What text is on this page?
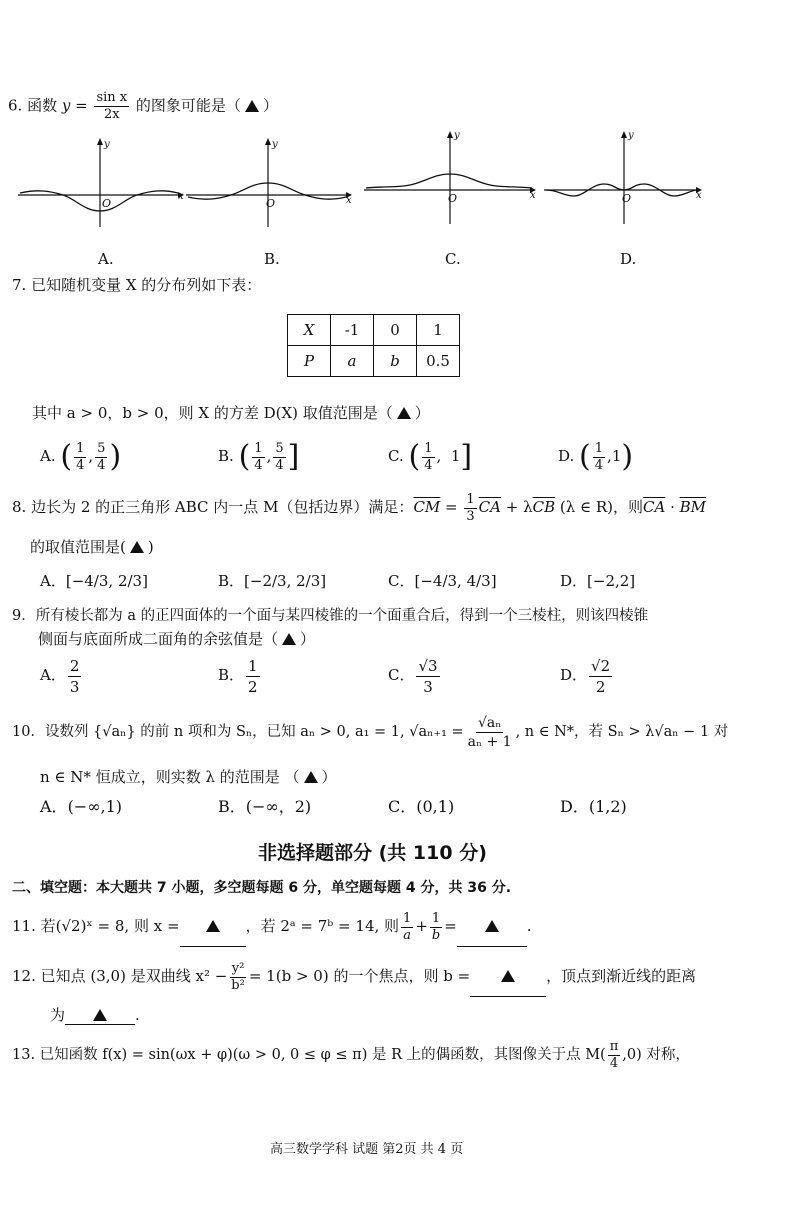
6. 函数 $y = \frac{\text{sin x}}{2x}$ 的图象可能是（ ）
x
y
O
A.
x
y
O
B.
x
y
O
C.
x
y
O
D.
7. 已知随机变量 X 的分布列如下表：
X	-1	0	1
P	a	b	0.5
其中 a > 0，b > 0，则 X 的方差 D(X) 取值范围是（ ）
A. ( $\frac{1}{4}$ , $\frac{5}{4}$ )	B. ( $\frac{1}{4}$ , $\frac{5}{4}$ ]	C. ( $\frac{1}{4}$ ,  1]	D. ( $\frac{1}{4} ,1$)
8. 边长为 2 的正三角形 ABC 内一点 M（包括边界）满足：$\overline{CM} = \frac{1}{3} \overline{CA} + \lambda\overline{CB}$ (λ ∈ R)，则$\overline{CA} \cdot \overline{BM}$
的取值范围是( )
A．[−4/3, 2/3]	B．[−2/3, 2/3]	C．[−4/3, 4/3]	D．[−2,2]
9．所有棱长都为 a 的正四面体的一个面与某四棱锥的一个面重合后，得到一个三棱柱，则该四棱锥
侧面与底面所成二面角的余弦值是（ ）
A． $\frac{2}{3}$	B． $\frac{1}{2}$	C． $\frac{√3}{3}$	D． $\frac{√2}{2}$
10．设数列 {√aₙ} 的前 n 项和为 Sₙ，已知 aₙ > 0, a₁ = 1, $√a_{n+1} = \frac{\text{√aₙ}}{\text{aₙ + 1}}$ , n ∈ N*，若 Sₙ > λ√aₙ − 1 对
n ∈ N* 恒成立，则实数 λ 的范围是 （ ）
A．(−∞,1)	B．(−∞，2)	C．(0,1)	D．(1,2)
非选择题部分 (共 110 分)
二、填空题：本大题共 7 小题，多空题每题 6 分，单空题每题 4 分，共 36 分.
11. 若(√2)ˣ = 8, 则 x =	，若 2ᵃ = 7ᵇ = 14, 则 $\frac{1}{a} + \frac{1}{b}$ =	.
12. 已知点 (3,0) 是双曲线 $x^2 - \frac{\text{y²}}{\text{b²}} = 1(b > 0)$ 的一个焦点，则 b =	，顶点到渐近线的距离
为	.
13. 已知函数 f(x) = sin(ωx + φ)(ω > 0, 0 ≤ φ ≤ π) 是 R 上的偶函数，其图像关于点 $M( \frac{\pi}{4} ,0)$ 对称，
高三数学学科 试题 第2页 共 4 页
